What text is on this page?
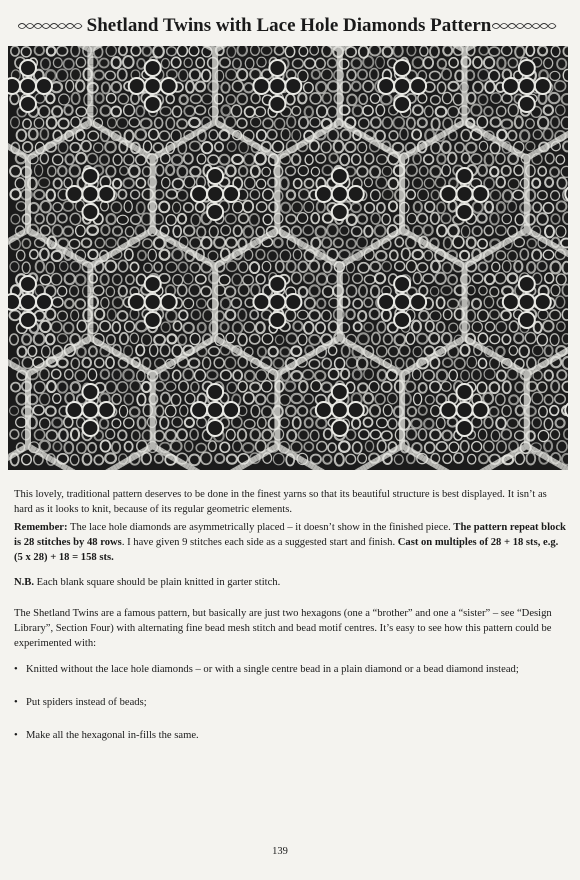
Shetland Twins with Lace Hole Diamonds Pattern

This lovely, traditional pattern deserves to be done in the finest yarns so that its beautiful structure is best displayed. It isn’t as hard as it looks to knit, because of its regular geometric elements.

Remember: The lace hole diamonds are asymmetrically placed – it doesn’t show in the finished piece. The pattern repeat block is 28 stitches by 48 rows. I have given 9 stitches each side as a suggested start and finish. Cast on multiples of 28 + 18 sts, e.g. (5 x 28) + 18 = 158 sts.

N.B. Each blank square should be plain knitted in garter stitch.

The Shetland Twins are a famous pattern, but basically are just two hexagons (one a “brother” and one a “sister” – see “Design Library”, Section Four) with alternating fine bead mesh stitch and bead motif centres. It’s easy to see how this pattern could be experimented with:

• Knitted without the lace hole diamonds – or with a single centre bead in a plain diamond or a bead diamond instead;
• Put spiders instead of beads;
• Make all the hexagonal in-fills the same.
139
